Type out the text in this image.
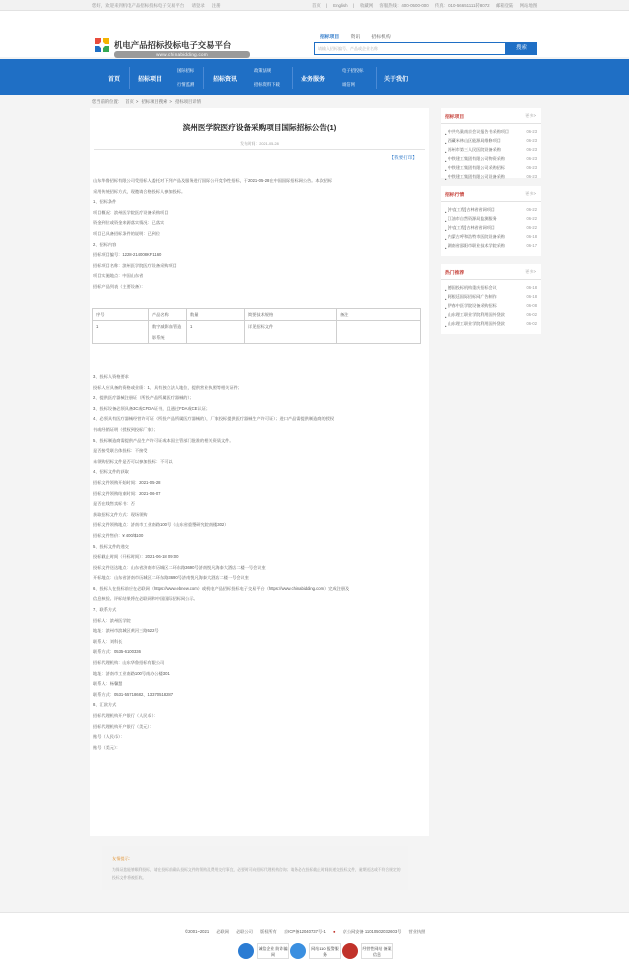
您好，欢迎来到机电产品招标投标电子交易平台 请登录 注册	首页 | English | 收藏网 客服热线：400-0500-000 传真：010-56651111转8072 邮箱登陆 网站地图
机电产品招标投标电子交易平台
www.chinabidding.com
招标项目 资讯 招标机构
请输入招标编号、产品或企业名称	搜索
首页	招标项目
国际招标
行情监测
招标资讯
政策法规
招标资料下载
业务服务
电子招投标
诚信网
关于我们
您当前的位置： 首页 > 招标项目搜索 > 招标项目详情
滨州医学院医疗设备采购项目国际招标公告(1)
发布时间：2021-05-28
【我要打印】
山东华鲁招标有限公司受招标人委托对下列产品及服务进行国际公开竞争性招标，于2021-05-28在中国国际招标网公告。本次招标
采用传统招标方式，现邀请合格投标人参加投标。
1、招标条件
项目概况：滨州医学院医疗设备采购项目
资金到位或资金来源落实情况：已落实
项目已具备招标条件的说明：已到位
2、招标内容
招标项目编号：1228-214008KF1160
招标项目名称：滨州医学院医疗设备采购项目
项目实施地点：中国山东省
招标产品列表（主要设备）：
序号	产品名称	数量	简要技术规格	备注
1	数字减影血管造影系统	1	详见招标文件	
3、投标人资格要求
投标人应具备的资格或业绩：1、具有独立法人地位，提供营业执照等相关证件；
2、提供医疗器械注册证（所投产品所属医疗器械的）；
3、投标设备必须具备3C或CFDA证书，且通过FDA或CE认证；
4、必须具有医疗器械经营许可证（所投产品所属医疗器械的），厂家投标提供医疗器械生产许可证）；进口产品需提供制造商的授权
书或经销证明（授权到投标厂家）；
5、投标制造商需提供产品生产许可证或本国主管部门批准的相关资质文件。
是否接受联合体投标：不接受
未领购招标文件是否可以参加投标：不可以
4、招标文件的获取
招标文件领购开始时间：2021-05-28
招标文件领购结束时间：2021-06-07
是否在线售卖标书：否
获取招标文件方式：现场领购
招标文件领购地点：济南市工业南路100号（山东省重塑研究院南楼302）
招标文件售价：¥ 400/$100
5、投标文件的递交
投标截止时间（开标时间）：2021-06-18 09:00
投标文件送达地点：山东省济南市历城区二环东路3690号济南悦凡海泰大酒店二楼一号会议室
开标地点：山东省济南市历城区二环东路3690号济南悦凡海泰大酒店二楼一号会议室
6、投标人在投标前应在必联网（https://www.ebnew.com）或机电产品招标投标电子交易平台（https://www.chinabidding.com）完成注册及
信息核验。评标结果将在必联网和中国国际招标网公示。
7、联系方式
招标人：滨州医学院
地址：滨州市滨城区黄河三路522号
联系人：刘科长
联系方式：0535-6100336
招标代理机构：山东华鲁招标有限公司
地址：济南市工业南路100号南办公楼301
联系人：杨馨慧
联系方式：0531-55718682、13370518287
8、汇款方式
招标代理机构开户银行（人民币）：
招标代理机构开户银行（美元）：
账号（人民币）：
账号（美元）：
友情提示：
为保证您能够顺利投标，请在投标前确认投标文件的领购及费用交付事宜，必要时可向招标代理机构咨询；请务必在投标截止时间前递交投标文件，逾期送达或不符合规定的投标文件将被拒收。
招标项目	更多>
• 中共鸟巢南京会议报告书采购项目	06-23
• 西藏米林山区能源局维修项目	06-23
• 苏州市第三人民医院设备采购	06-23
• 中铁建工集团有限公司物资采购	06-23
• 中铁建工集团有限公司采购招标	06-23
• 中铁建工集团有限公司设备采购	06-23
招标行情	更多>
• [中直工程]吉林省省网项目	06-22
• 江油市自然资源局监测服务	06-22
• [中直工程]吉林省省网项目	06-22
• 内蒙古呼和浩特市医院设备采购	06-18
• 湖南省邵阳市职业技术学院采购	06-17
热门推荐	更多>
• 德国投标机构重庆招标会议	06-18
• 阿根廷国际招标网广告制作	06-18
• 伊春中医学院设备采购招标	06-08
• 山东理工职业学院利用国外贷款	06-02
• 山东理工职业学院利用国外贷款	06-02
©2001~2021 必联网 必联公司 版权所有 京ICP备12040737号-1 ● 京公网安备 11010502032603号 营业执照
诚信企业 防诈骗网
网站110 报警服务
经营性网站 备案信息
